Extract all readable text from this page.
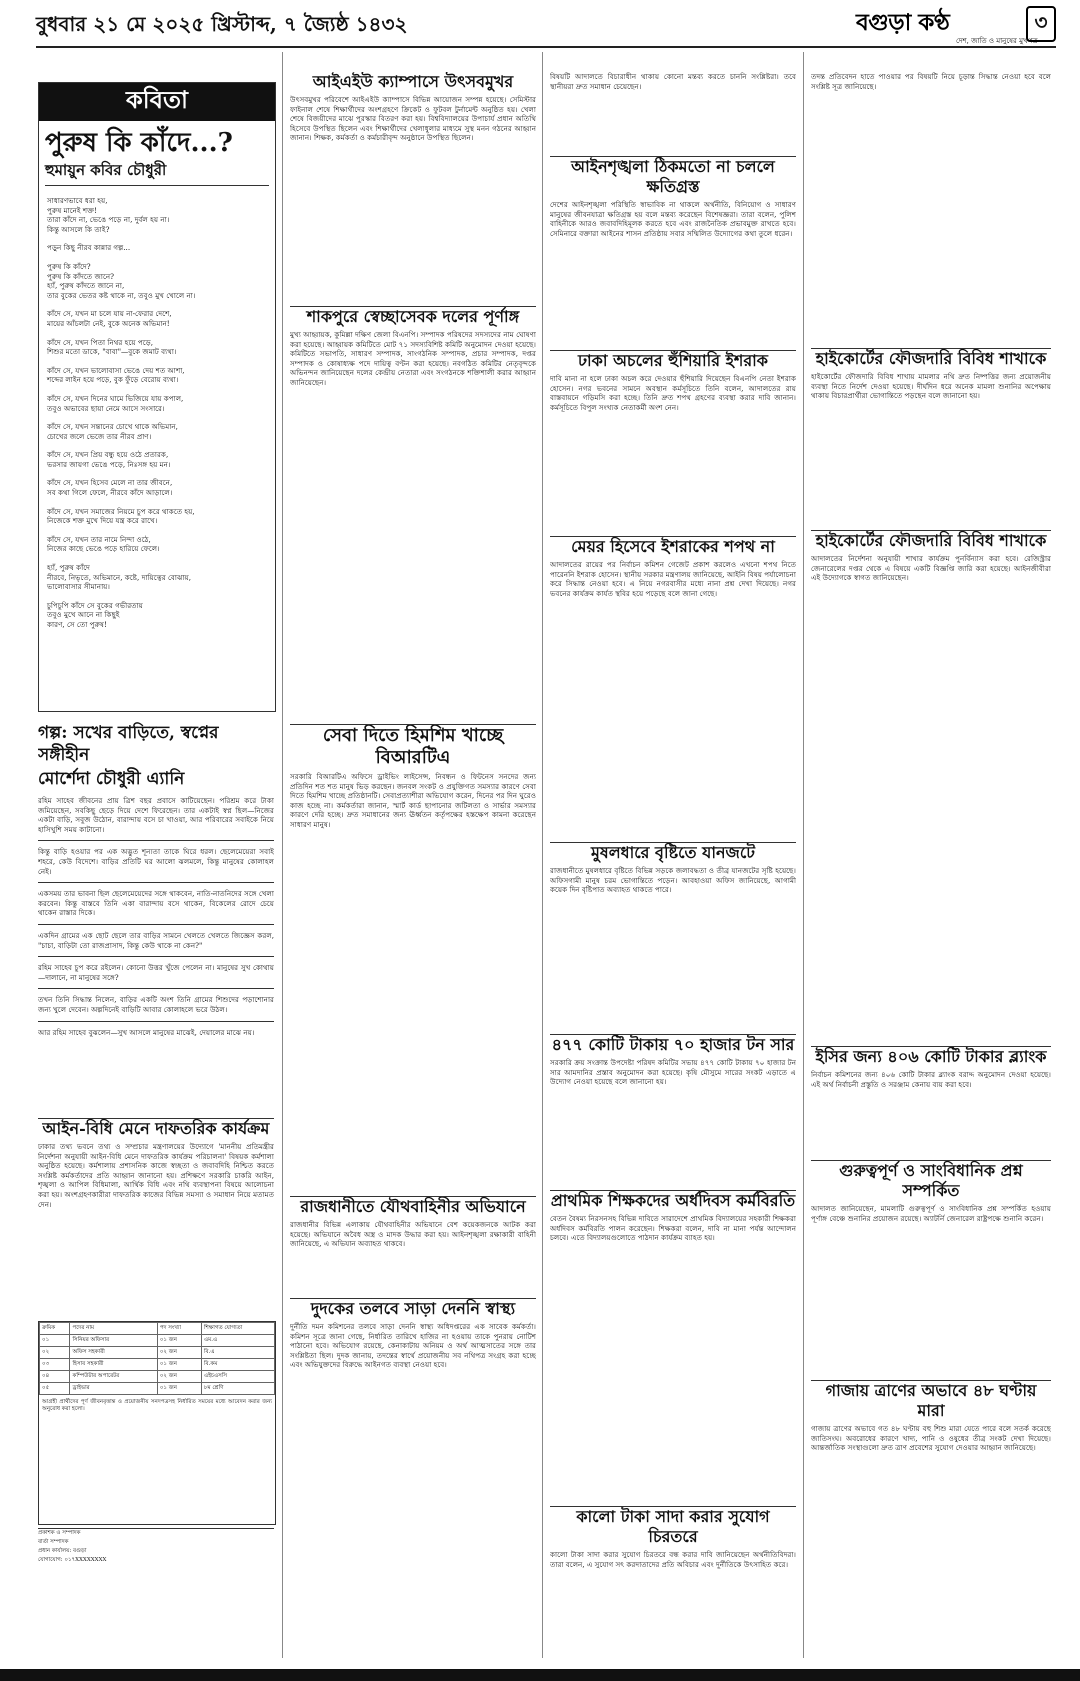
বুধবার ২১ মে ২০২৫ খ্রিস্টাব্দ, ৭ জ্যৈষ্ঠ ১৪৩২	বগুড়া কণ্ঠ
দেশ, জাতি ও মানুষের মুখপত্র
৩
কবিতা
পুরুষ কি কাঁদে...?
হুমায়ুন কবির চৌধুরী
সাধারণভাবে ধরা হয়,
পুরুষ মানেই শক্ত!
তারা কাঁদে না, ভেঙে পড়ে না, দুর্বল হয় না।
কিন্তু আসলে কি তাই?
পড়ুন কিছু নীরব কান্নার গল্প...
পুরুষ কি কাঁদে?
পুরুষ কি কাঁদতে জানে?
হ্যাঁ, পুরুষ কাঁদতে জানে না,
তার বুকের ভেতর কষ্ট থাকে না, তবুও মুখ খোলে না।
কাঁদে সে, যখন মা চলে যায় না-ফেরার দেশে,
মায়ের আঁচলটা নেই, বুকে অনেক অভিমান!
কাঁদে সে, যখন পিতা নিথর হয়ে পড়ে,
শিশুর মতো ডাকে, "বাবা"—বুকে জমাট ব্যথা।
কাঁদে সে, যখন ভালোবাসা ভেঙে দেয় শত আশা,
শব্দের লাইন হয়ে পড়ে, বুক ফুঁড়ে বেরোয় ব্যথা।
কাঁদে সে, যখন দিনের ঘামে ভিজিয়ে যায় কপাল,
তবুও অভাবের ছায়া নেমে আসে সংসারে।
কাঁদে সে, যখন সন্তানের চোখে থাকে অভিমান,
চোখের জলে ভেজে তার নীরব প্রাণ।
কাঁদে সে, যখন প্রিয় বন্ধু হয়ে ওঠে প্রতারক,
ভরসার জায়গা ভেঙে পড়ে, নিঃসঙ্গ হয় মন।
কাঁদে সে, যখন হিসেব মেলে না তার জীবনে,
সব কথা গিলে ফেলে, নীরবে কাঁদে আড়ালে।
কাঁদে সে, যখন সমাজের নিয়মে চুপ করে থাকতে হয়,
নিজেকে শক্ত মুখে দিয়ে যন্ত্র করে রাখে।
কাঁদে সে, যখন তার নামে নিন্দা ওঠে,
নিজের কাছে ভেঙে পড়ে হারিয়ে ফেলে।
হ্যাঁ, পুরুষ কাঁদে
নীরবে, নিভৃতে, অভিমানে, কষ্টে, দায়িত্বের বোঝায়,
ভালোবাসার সীমানায়।
চুপিচুপি কাঁদে সে বুকের গভীরতায়
তবুও মুখে আনে না কিছুই
কারণ, সে তো পুরুষ!
গল্প: সখের বাড়িতে, স্বপ্নের সঙ্গীহীন
মোর্শেদা চৌধুরী এ্যানি

রহিম সাহেব জীবনের প্রায় ত্রিশ বছর প্রবাসে কাটিয়েছেন। পরিশ্রম করে টাকা জমিয়েছেন, সবকিছু ছেড়ে দিয়ে দেশে ফিরেছেন। তার একটাই স্বপ্ন ছিল—নিজের একটা বাড়ি, সবুজ উঠোন, বারান্দায় বসে চা খাওয়া, আর পরিবারের সবাইকে নিয়ে হাসিখুশি সময় কাটানো।

কিন্তু বাড়ি হওয়ার পর এক অদ্ভুত শূন্যতা তাকে ঘিরে ধরল। ছেলেমেয়েরা সবাই শহরে, কেউ বিদেশে। বাড়ির প্রতিটি ঘর আলো ঝলমলে, কিন্তু মানুষের কোলাহল নেই।

একসময় তার ভাবনা ছিল ছেলেমেয়েদের সঙ্গে থাকবেন, নাতি-নাতনিদের সঙ্গে খেলা করবেন। কিন্তু বাস্তবে তিনি একা বারান্দায় বসে থাকেন, বিকেলের রোদে চেয়ে থাকেন রাস্তার দিকে।

একদিন গ্রামের এক ছোট ছেলে তার বাড়ির সামনে খেলতে খেলতে জিজ্ঞেস করল, "চাচা, বাড়িটা তো রাজপ্রাসাদ, কিন্তু কেউ থাকে না কেন?"

রহিম সাহেব চুপ করে রইলেন। কোনো উত্তর খুঁজে পেলেন না। মানুষের সুখ কোথায়—দালানে, না মানুষের সঙ্গে?

তখন তিনি সিদ্ধান্ত নিলেন, বাড়ির একটি অংশ তিনি গ্রামের শিশুদের পড়াশোনার জন্য খুলে দেবেন। অল্পদিনেই বাড়িটি আবার কোলাহলে ভরে উঠল।

আর রহিম সাহেব বুঝলেন—সুখ আসলে মানুষের মাঝেই, দেয়ালের মাঝে নয়।

আইন-বিধি মেনে দাফতরিক কার্যক্রম

ঢাকার তথ্য ভবনে তথ্য ও সম্প্রচার মন্ত্রণালয়ের উদ্যোগে 'মাননীয় প্রতিমন্ত্রীর নির্দেশনা অনুযায়ী আইন-বিধি মেনে দাফতরিক কার্যক্রম পরিচালনা' বিষয়ক কর্মশালা অনুষ্ঠিত হয়েছে। কর্মশালায় প্রশাসনিক কাজে স্বচ্ছতা ও জবাবদিহি নিশ্চিত করতে সংশ্লিষ্ট কর্মকর্তাদের প্রতি আহ্বান জানানো হয়। প্রশিক্ষণে সরকারি চাকরি আইন, শৃঙ্খলা ও আপিল বিধিমালা, আর্থিক বিধি এবং নথি ব্যবস্থাপনা বিষয়ে আলোচনা করা হয়। অংশগ্রহণকারীরা দাফতরিক কাজের বিভিন্ন সমস্যা ও সমাধান নিয়ে মতামত দেন।

ক্রমিক	পদের নাম	পদ সংখ্যা	শিক্ষাগত যোগ্যতা
০১	সিনিয়র অফিসার	০১ জন	এম.এ
০২	অফিস সহকারী	০২ জন	বি.এ
০৩	হিসাব সহকারী	০১ জন	বি.কম
০৪	কম্পিউটার অপারেটর	০২ জন	এইচএসসি
০৫	ড্রাইভার	০১ জন	৮ম শ্রেণি

আগ্রহী প্রার্থীদের পূর্ণ জীবনবৃত্তান্ত ও প্রয়োজনীয় সনদপত্রসহ নির্ধারিত সময়ের মধ্যে আবেদন করার জন্য অনুরোধ করা হলো।

প্রকাশক ও সম্পাদক
বার্তা সম্পাদক
প্রধান কার্যালয়: বগুড়া
যোগাযোগ: ০১৭XXXXXXXX
আইএইউ ক্যাম্পাসে উৎসবমুখর

উৎসবমুখর পরিবেশে আইএইউ ক্যাম্পাসে বিভিন্ন আয়োজন সম্পন্ন হয়েছে। সেমিস্টার ফাইনাল শেষে শিক্ষার্থীদের অংশগ্রহণে ক্রিকেট ও ফুটবল টুর্নামেন্ট অনুষ্ঠিত হয়। খেলা শেষে বিজয়ীদের মাঝে পুরস্কার বিতরণ করা হয়। বিশ্ববিদ্যালয়ের উপাচার্য প্রধান অতিথি হিসেবে উপস্থিত ছিলেন এবং শিক্ষার্থীদের খেলাধুলার মাধ্যমে সুস্থ মনন গঠনের আহ্বান জানান। শিক্ষক, কর্মকর্তা ও কর্মচারীবৃন্দ অনুষ্ঠানে উপস্থিত ছিলেন।

শাকপুরে স্বেচ্ছাসেবক দলের পূর্ণাঙ্গ

মুখ্য আহ্বায়ক, কুমিল্লা দক্ষিণ জেলা বিএনপি। সম্পাদক পরিষদের সদস্যদের নাম ঘোষণা করা হয়েছে। আহ্বায়ক কমিটিতে মোট ৭১ সদস্যবিশিষ্ট কমিটি অনুমোদন দেওয়া হয়েছে। কমিটিতে সভাপতি, সাধারণ সম্পাদক, সাংগঠনিক সম্পাদক, প্রচার সম্পাদক, দপ্তর সম্পাদক ও কোষাধ্যক্ষ পদে দায়িত্ব বণ্টন করা হয়েছে। নবগঠিত কমিটির নেতৃবৃন্দকে অভিনন্দন জানিয়েছেন দলের কেন্দ্রীয় নেতারা এবং সংগঠনকে শক্তিশালী করার আহ্বান জানিয়েছেন।

সেবা দিতে হিমশিম খাচ্ছে বিআরটিএ

সরকারি বিআরটিএ অফিসে ড্রাইভিং লাইসেন্স, নিবন্ধন ও ফিটনেস সনদের জন্য প্রতিদিন শত শত মানুষ ভিড় করছেন। জনবল সংকট ও প্রযুক্তিগত সমস্যার কারণে সেবা দিতে হিমশিম খাচ্ছে প্রতিষ্ঠানটি। সেবাপ্রত্যাশীরা অভিযোগ করেন, দিনের পর দিন ঘুরেও কাজ হচ্ছে না। কর্মকর্তারা জানান, স্মার্ট কার্ড ছাপানোর জটিলতা ও সার্ভার সমস্যার কারণে দেরি হচ্ছে। দ্রুত সমাধানের জন্য ঊর্ধ্বতন কর্তৃপক্ষের হস্তক্ষেপ কামনা করেছেন সাধারণ মানুষ।

রাজধানীতে যৌথবাহিনীর অভিযানে

রাজধানীর বিভিন্ন এলাকায় যৌথবাহিনীর অভিযানে বেশ কয়েকজনকে আটক করা হয়েছে। অভিযানে অবৈধ অস্ত্র ও মাদক উদ্ধার করা হয়। আইনশৃঙ্খলা রক্ষাকারী বাহিনী জানিয়েছে, এ অভিযান অব্যাহত থাকবে।

দুদকের তলবে সাড়া দেননি স্বাস্থ্য

দুর্নীতি দমন কমিশনের তলবে সাড়া দেননি স্বাস্থ্য অধিদপ্তরের এক সাবেক কর্মকর্তা। কমিশন সূত্রে জানা গেছে, নির্ধারিত তারিখে হাজির না হওয়ায় তাকে পুনরায় নোটিশ পাঠানো হবে। অভিযোগ রয়েছে, কেনাকাটায় অনিয়ম ও অর্থ আত্মসাতের সঙ্গে তার সংশ্লিষ্টতা ছিল। দুদক জানায়, তদন্তের স্বার্থে প্রয়োজনীয় সব নথিপত্র সংগ্রহ করা হচ্ছে এবং অভিযুক্তদের বিরুদ্ধে আইনগত ব্যবস্থা নেওয়া হবে।

বিষয়টি আদালতে বিচারাধীন থাকায় কোনো মন্তব্য করতে চাননি সংশ্লিষ্টরা। তবে স্থানীয়রা দ্রুত সমাধান চেয়েছেন।

আইনশৃঙ্খলা ঠিকমতো না চললে ক্ষতিগ্রস্ত

দেশের আইনশৃঙ্খলা পরিস্থিতি স্বাভাবিক না থাকলে অর্থনীতি, বিনিয়োগ ও সাধারণ মানুষের জীবনযাত্রা ক্ষতিগ্রস্ত হয় বলে মন্তব্য করেছেন বিশেষজ্ঞরা। তারা বলেন, পুলিশ বাহিনীকে আরও জবাবদিহিমূলক করতে হবে এবং রাজনৈতিক প্রভাবমুক্ত রাখতে হবে। সেমিনারে বক্তারা আইনের শাসন প্রতিষ্ঠায় সবার সম্মিলিত উদ্যোগের কথা তুলে ধরেন।

ঢাকা অচলের হুঁশিয়ারি ইশরাক

দাবি মানা না হলে ঢাকা অচল করে দেওয়ার হুঁশিয়ারি দিয়েছেন বিএনপি নেতা ইশরাক হোসেন। নগর ভবনের সামনে অবস্থান কর্মসূচিতে তিনি বলেন, আদালতের রায় বাস্তবায়নে গড়িমসি করা হচ্ছে। তিনি দ্রুত শপথ গ্রহণের ব্যবস্থা করার দাবি জানান। কর্মসূচিতে বিপুল সংখ্যক নেতাকর্মী অংশ নেন।

মেয়র হিসেবে ইশরাকের শপথ না

আদালতের রায়ের পর নির্বাচন কমিশন গেজেট প্রকাশ করলেও এখনো শপথ নিতে পারেননি ইশরাক হোসেন। স্থানীয় সরকার মন্ত্রণালয় জানিয়েছে, আইনি বিষয় পর্যালোচনা করে সিদ্ধান্ত নেওয়া হবে। এ নিয়ে নগরবাসীর মধ্যে নানা প্রশ্ন দেখা দিয়েছে। নগর ভবনের কার্যক্রম কার্যত স্থবির হয়ে পড়েছে বলে জানা গেছে।

মুষলধারে বৃষ্টিতে যানজটে

রাজধানীতে মুষলধারে বৃষ্টিতে বিভিন্ন সড়কে জলাবদ্ধতা ও তীব্র যানজটের সৃষ্টি হয়েছে। অফিসগামী মানুষ চরম ভোগান্তিতে পড়েন। আবহাওয়া অফিস জানিয়েছে, আগামী কয়েক দিন বৃষ্টিপাত অব্যাহত থাকতে পারে।

৪৭৭ কোটি টাকায় ৭০ হাজার টন সার

সরকারি ক্রয় সংক্রান্ত উপদেষ্টা পরিষদ কমিটির সভায় ৪৭৭ কোটি টাকায় ৭০ হাজার টন সার আমদানির প্রস্তাব অনুমোদন করা হয়েছে। কৃষি মৌসুমে সারের সংকট এড়াতে এ উদ্যোগ নেওয়া হয়েছে বলে জানানো হয়।

প্রাথমিক শিক্ষকদের অর্ধদিবস কর্মবিরতি

বেতন বৈষম্য নিরসনসহ বিভিন্ন দাবিতে সারাদেশে প্রাথমিক বিদ্যালয়ের সহকারী শিক্ষকরা অর্ধদিবস কর্মবিরতি পালন করেছেন। শিক্ষকরা বলেন, দাবি না মানা পর্যন্ত আন্দোলন চলবে। এতে বিদ্যালয়গুলোতে পাঠদান কার্যক্রম ব্যাহত হয়।

কালো টাকা সাদা করার সুযোগ চিরতরে

কালো টাকা সাদা করার সুযোগ চিরতরে বন্ধ করার দাবি জানিয়েছেন অর্থনীতিবিদরা। তারা বলেন, এ সুযোগ সৎ করদাতাদের প্রতি অবিচার এবং দুর্নীতিকে উৎসাহিত করে।

তদন্ত প্রতিবেদন হাতে পাওয়ার পর বিষয়টি নিয়ে চূড়ান্ত সিদ্ধান্ত নেওয়া হবে বলে সংশ্লিষ্ট সূত্র জানিয়েছে।

হাইকোর্টের ফৌজদারি বিবিধ শাখাকে

হাইকোর্টের ফৌজদারি বিবিধ শাখায় মামলার নথি দ্রুত নিষ্পত্তির জন্য প্রয়োজনীয় ব্যবস্থা নিতে নির্দেশ দেওয়া হয়েছে। দীর্ঘদিন ধরে অনেক মামলা শুনানির অপেক্ষায় থাকায় বিচারপ্রার্থীরা ভোগান্তিতে পড়ছেন বলে জানানো হয়।

হাইকোর্টের ফৌজদারি বিবিধ শাখাকে

আদালতের নির্দেশনা অনুযায়ী শাখার কার্যক্রম পুনর্বিন্যাস করা হবে। রেজিস্ট্রার জেনারেলের দপ্তর থেকে এ বিষয়ে একটি বিজ্ঞপ্তি জারি করা হয়েছে। আইনজীবীরা এই উদ্যোগকে স্বাগত জানিয়েছেন।

ইসির জন্য ৪০৬ কোটি টাকার ব্ল্যাংক

নির্বাচন কমিশনের জন্য ৪০৬ কোটি টাকার ব্ল্যাংক বরাদ্দ অনুমোদন দেওয়া হয়েছে। এই অর্থ নির্বাচনী প্রস্তুতি ও সরঞ্জাম কেনায় ব্যয় করা হবে।

গুরুত্বপূর্ণ ও সাংবিধানিক প্রশ্ন সম্পর্কিত

আদালত জানিয়েছেন, মামলাটি গুরুত্বপূর্ণ ও সাংবিধানিক প্রশ্ন সম্পর্কিত হওয়ায় পূর্ণাঙ্গ বেঞ্চে শুনানির প্রয়োজন রয়েছে। অ্যাটর্নি জেনারেল রাষ্ট্রপক্ষে শুনানি করেন।

গাজায় ত্রাণের অভাবে ৪৮ ঘণ্টায় মারা

গাজায় ত্রাণের অভাবে গত ৪৮ ঘণ্টায় বহু শিশু মারা যেতে পারে বলে সতর্ক করেছে জাতিসংঘ। অবরোধের কারণে খাদ্য, পানি ও ওষুধের তীব্র সংকট দেখা দিয়েছে। আন্তর্জাতিক সংস্থাগুলো দ্রুত ত্রাণ প্রবেশের সুযোগ দেওয়ার আহ্বান জানিয়েছে।
